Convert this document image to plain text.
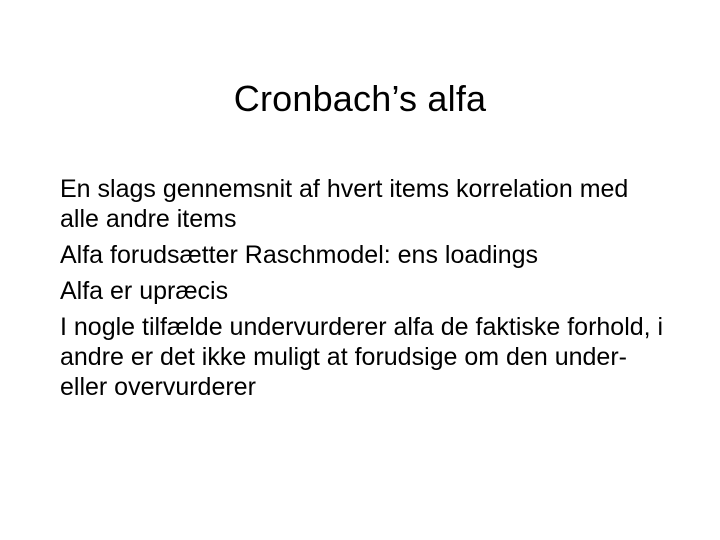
Cronbach’s alfa
En slags gennemsnit af hvert items korrelation med alle andre items
Alfa forudsætter Raschmodel: ens loadings
Alfa er upræcis
I nogle tilfælde undervurderer alfa de faktiske forhold, i andre er det ikke muligt at forudsige om den under- eller overvurderer
